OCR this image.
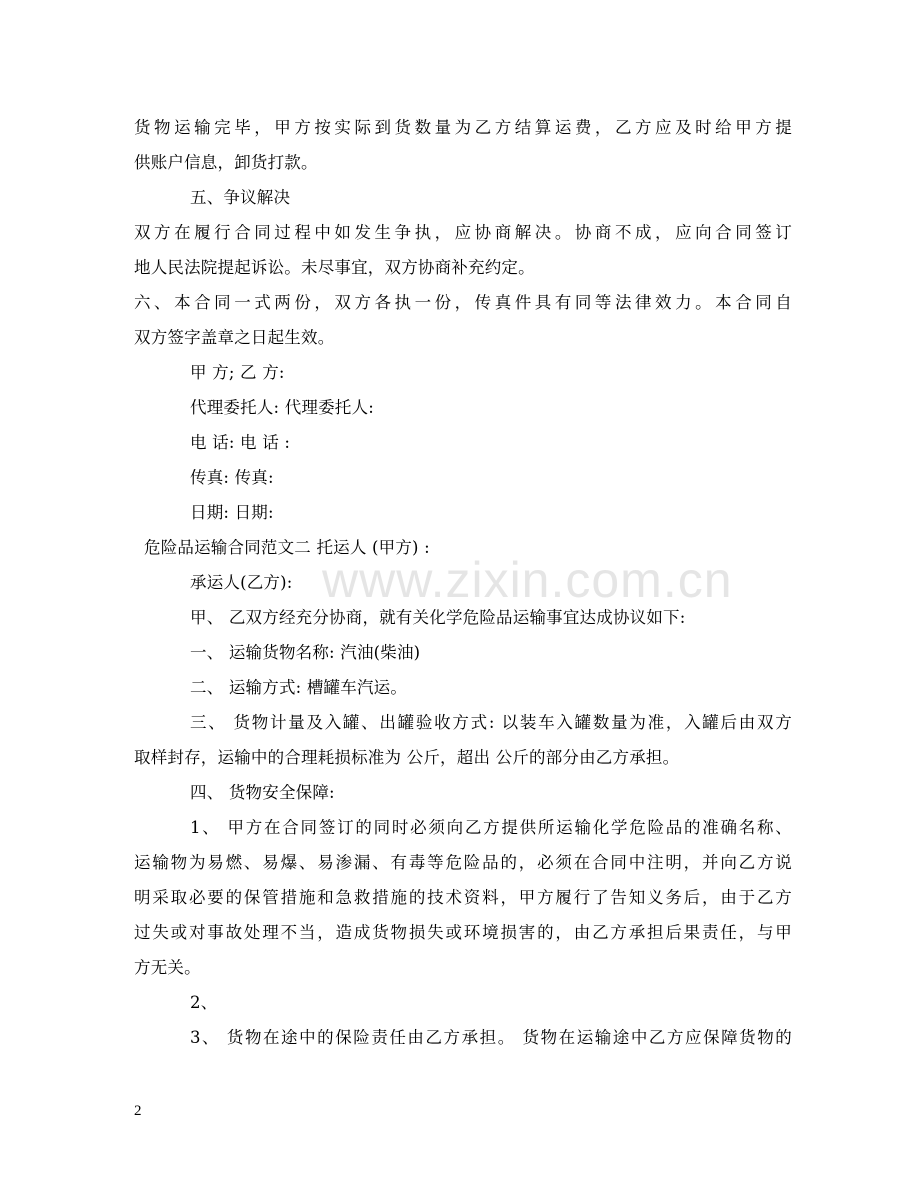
www.zixin.com.cn
货物运输完毕，甲方按实际到货数量为乙方结算运费，乙方应及时给甲方提
供账户信息，卸货打款。
五、争议解决
双方在履行合同过程中如发生争执，应协商解决。协商不成，应向合同签订
地人民法院提起诉讼。未尽事宜，双方协商补充约定。
六、本合同一式两份，双方各执一份，传真件具有同等法律效力。本合同自
双方签字盖章之日起生效。
甲 方; 乙 方:
代理委托人: 代理委托人:
电 话: 电 话 :
传真: 传真:
日期: 日期:
危险品运输合同范文二 托运人 (甲方) :
承运人(乙方):
甲、 乙双方经充分协商，就有关化学危险品运输事宜达成协议如下:
一、 运输货物名称: 汽油(柴油)
二、 运输方式: 槽罐车汽运。
三、 货物计量及入罐、出罐验收方式: 以装车入罐数量为准，入罐后由双方
取样封存，运输中的合理耗损标准为 公斤，超出 公斤的部分由乙方承担。
四、 货物安全保障:
1、 甲方在合同签订的同时必须向乙方提供所运输化学危险品的准确名称、
运输物为易燃、易爆、易渗漏、有毒等危险品的，必须在合同中注明，并向乙方说
明采取必要的保管措施和急救措施的技术资料，甲方履行了告知义务后，由于乙方
过失或对事故处理不当，造成货物损失或环境损害的，由乙方承担后果责任，与甲
方无关。
2、
3、 货物在途中的保险责任由乙方承担。 货物在运输途中乙方应保障货物的
2
